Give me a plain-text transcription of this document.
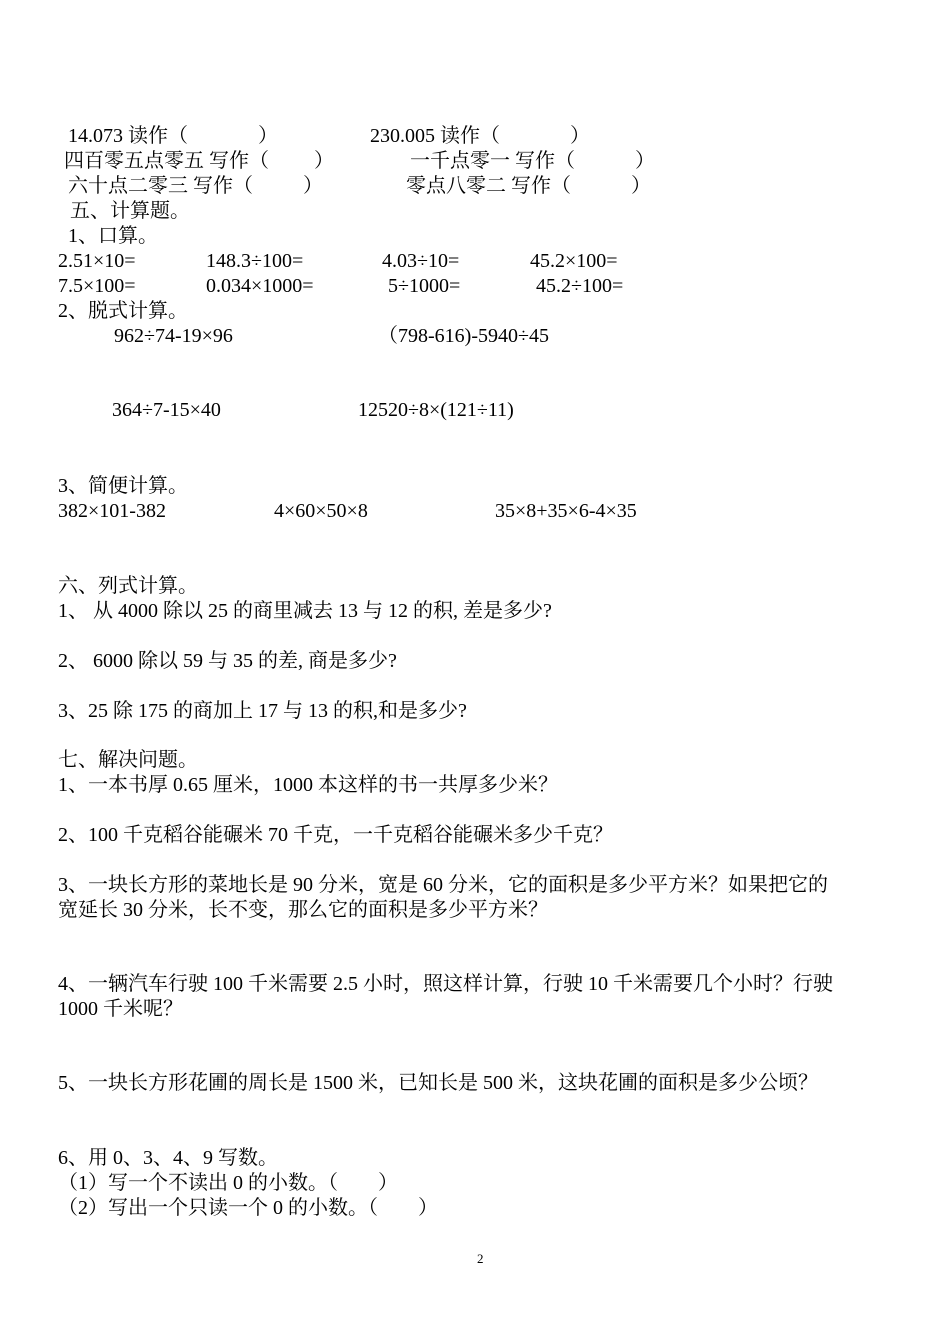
14.073 读作（              ）	230.005 读作（              ）
四百零五点零五 写作（         ）	一千点零一 写作（            ）
六十点二零三 写作（          ）	零点八零二 写作（            ）
五、计算题。
1、口算。
2.51×10=	148.3÷100=	4.03÷10=	45.2×100=
7.5×100=	0.034×1000=	5÷1000=	45.2÷100=
2、脱式计算。
962÷74-19×96	（798-616)-5940÷45
364÷7-15×40	12520÷8×(121÷11)
3、简便计算。
382×101-382	4×60×50×8	35×8+35×6-4×35
六、列式计算。
1、 从 4000 除以 25 的商里减去 13 与 12 的积, 差是多少?
2、 6000 除以 59 与 35 的差, 商是多少?
3、25 除 175 的商加上 17 与 13 的积,和是多少?
七、解决问题。
1、一本书厚 0.65 厘米，1000 本这样的书一共厚多少米？
2、100 千克稻谷能碾米 70 千克，一千克稻谷能碾米多少千克？
3、一块长方形的菜地长是 90 分米，宽是 60 分米，它的面积是多少平方米？如果把它的
宽延长 30 分米，长不变，那么它的面积是多少平方米？
4、一辆汽车行驶 100 千米需要 2.5 小时，照这样计算，行驶 10 千米需要几个小时？行驶
1000 千米呢？
5、一块长方形花圃的周长是 1500 米，已知长是 500 米，这块花圃的面积是多少公顷？
6、用 0、3、4、9 写数。
（1）写一个不读出 0 的小数。（        ）
（2）写出一个只读一个 0 的小数。（        ）
2
